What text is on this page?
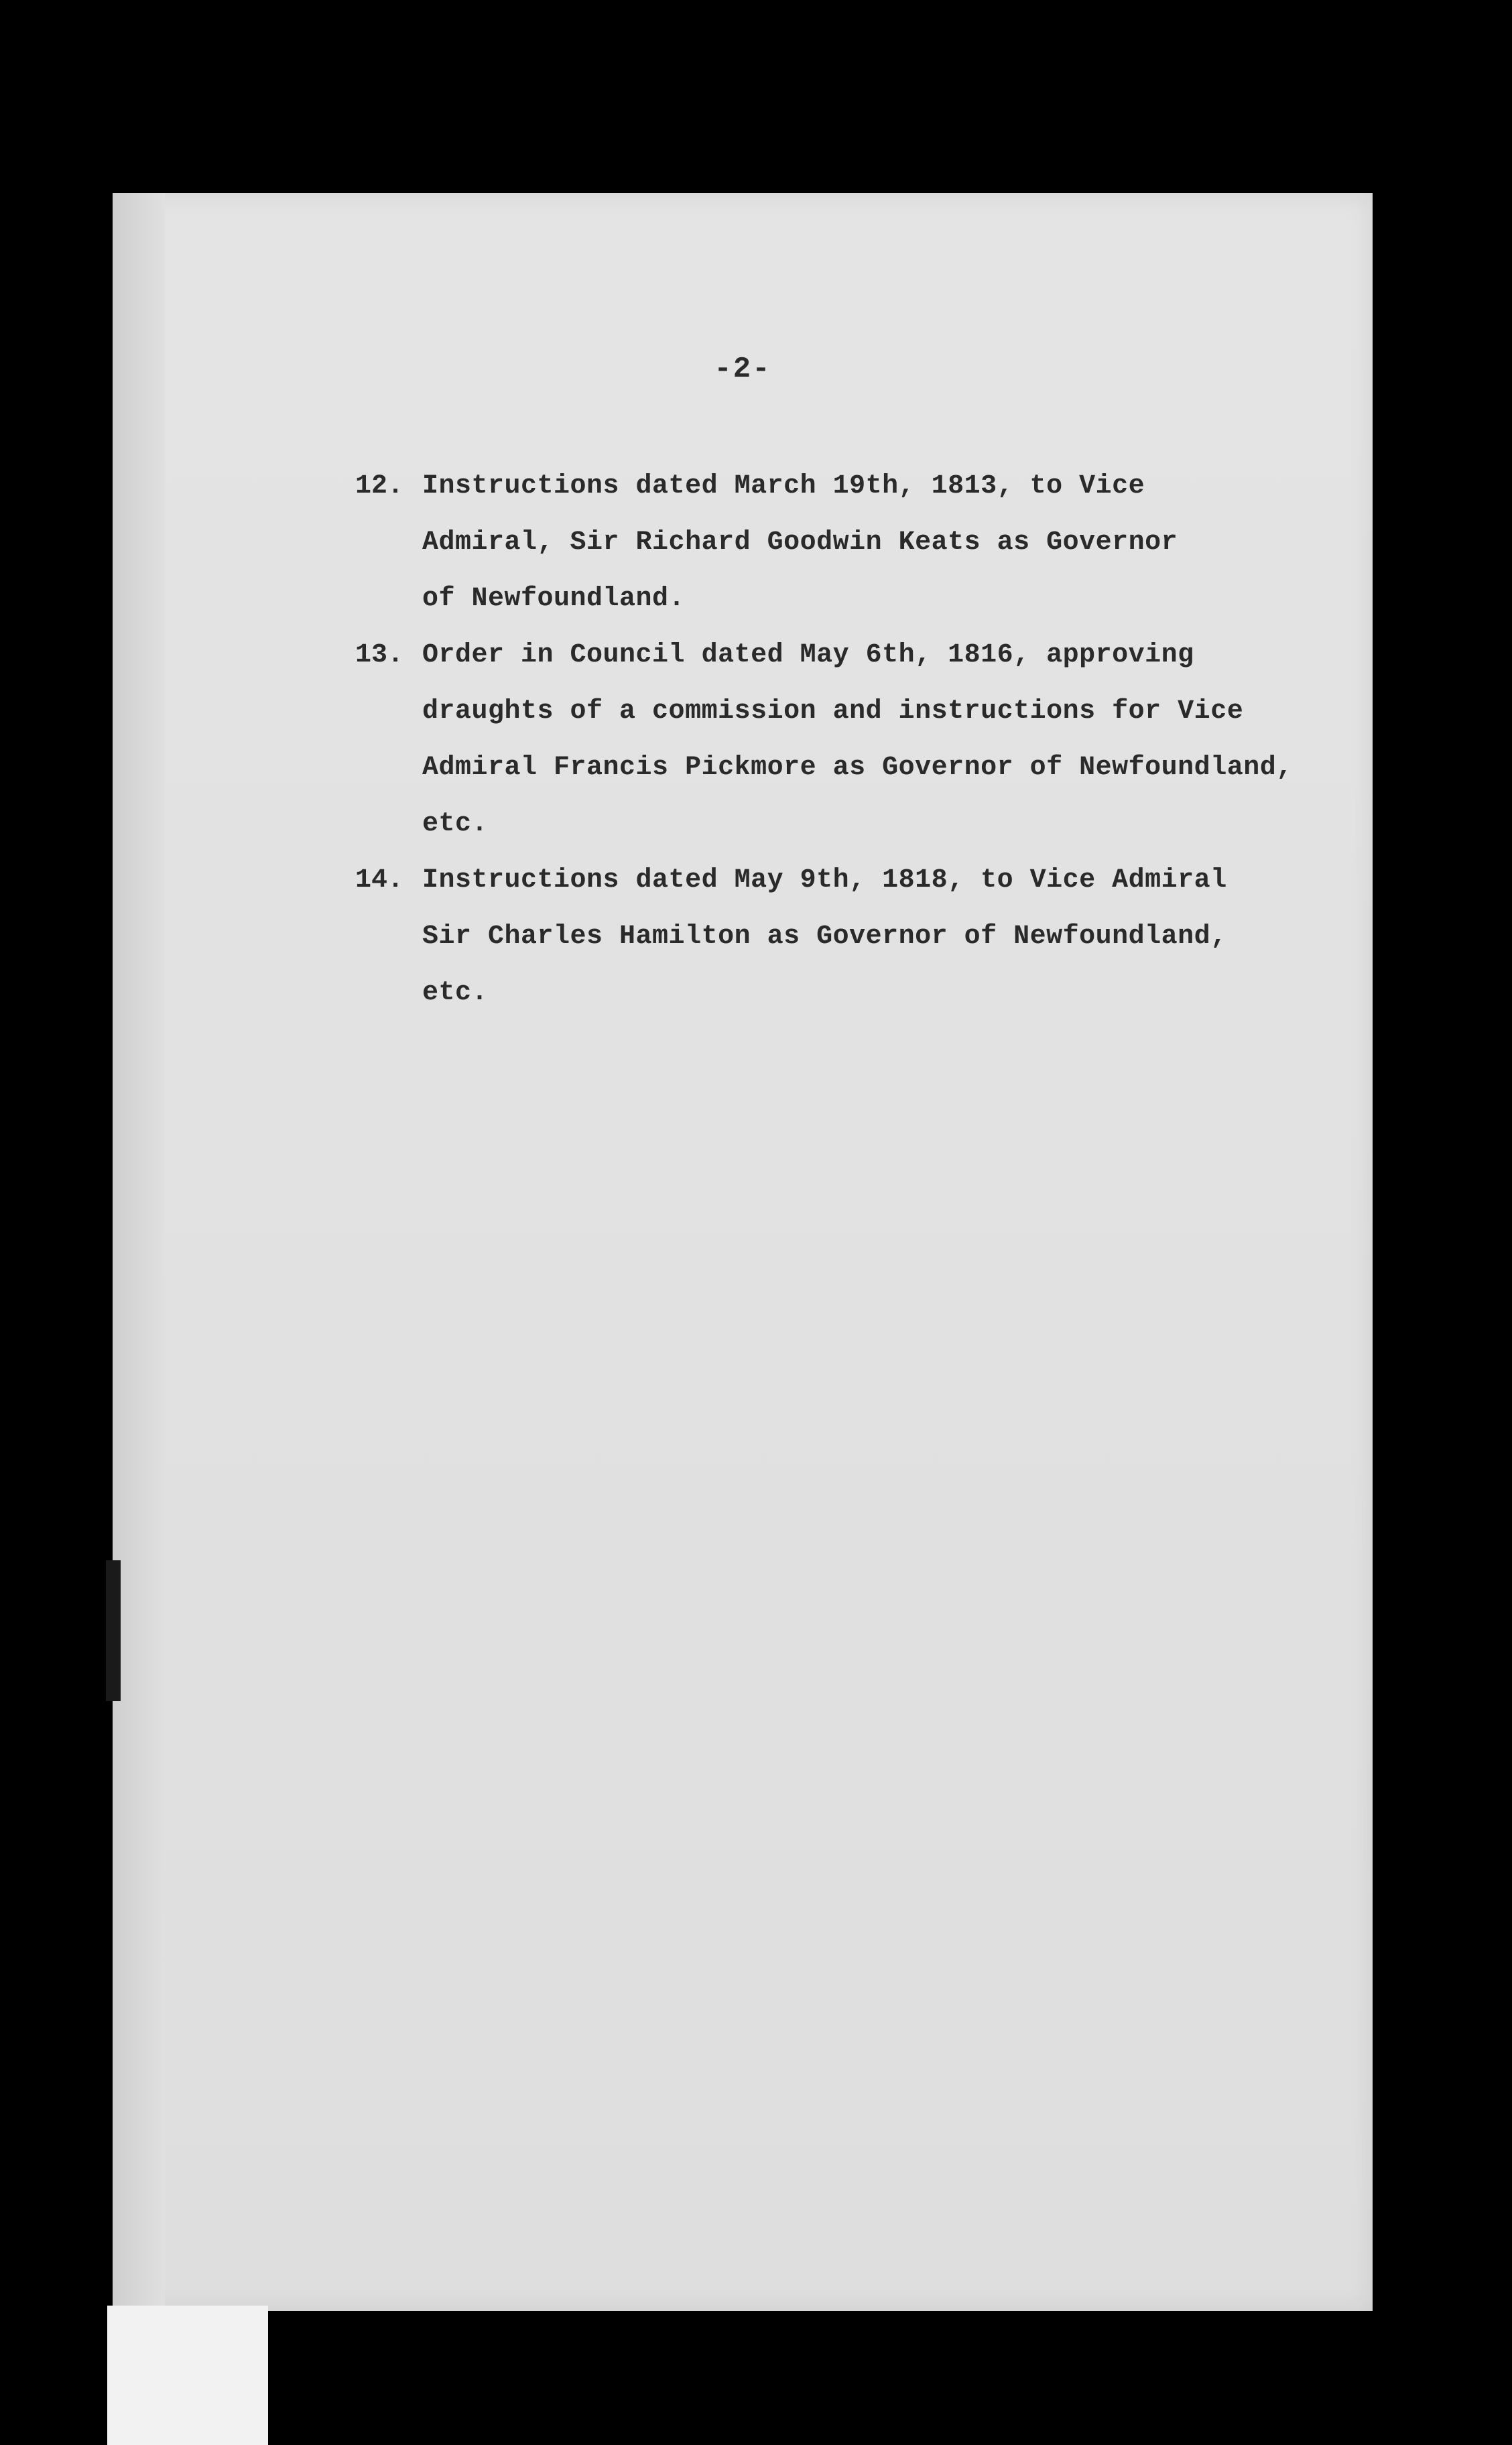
-2-
12. Instructions dated March 19th, 1813, to Vice
Admiral, Sir Richard Goodwin Keats as Governor
of Newfoundland.
13. Order in Council dated May 6th, 1816, approving
draughts of a commission and instructions for Vice
Admiral Francis Pickmore as Governor of Newfoundland,
etc.
14. Instructions dated May 9th, 1818, to Vice Admiral
Sir Charles Hamilton as Governor of Newfoundland,
etc.
